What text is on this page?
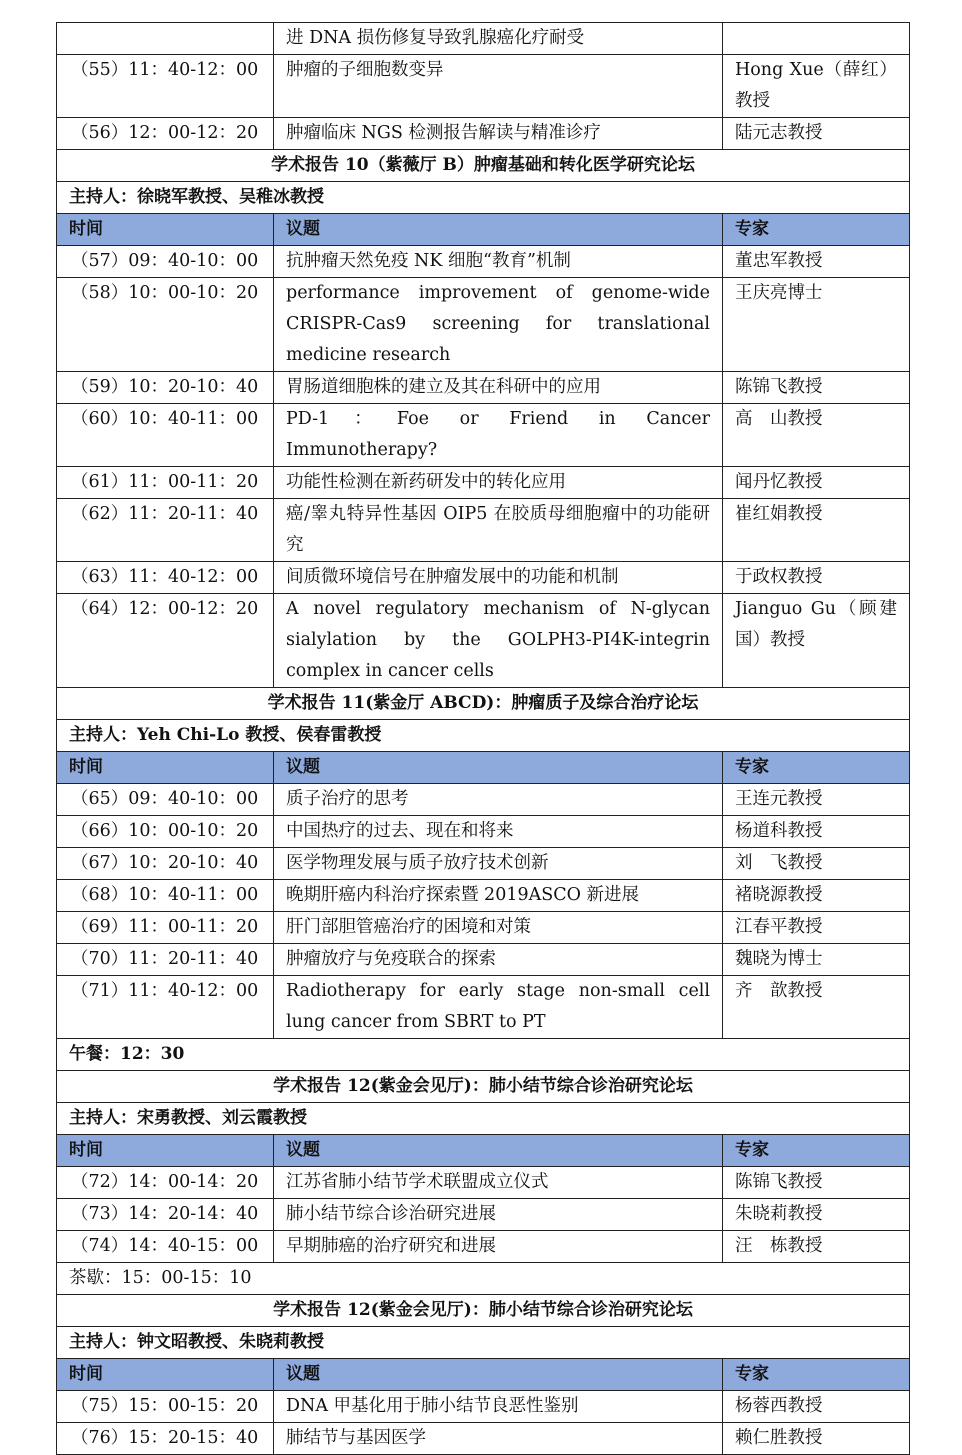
	进 DNA 损伤修复导致乳腺癌化疗耐受	
（55）11：40-12：00	肿瘤的子细胞数变异	Hong Xue（薛红）教授
（56）12：00-12：20	肿瘤临床 NGS 检测报告解读与精准诊疗	陆元志教授
学术报告 10（紫薇厅 B）肿瘤基础和转化医学研究论坛		
主持人：徐晓军教授、吴稚冰教授		
时间	议题	专家
（57）09：40-10：00	抗肿瘤天然免疫 NK 细胞“教育”机制	董忠军教授
（58）10：00-10：20	performance improvement of genome-wide CRISPR-Cas9 screening for translational medicine research	王庆亮博士
（59）10：20-10：40	胃肠道细胞株的建立及其在科研中的应用	陈锦飞教授
（60）10：40-11：00	PD-1：Foe or Friend in Cancer Immunotherapy?	高　山教授
（61）11：00-11：20	功能性检测在新药研发中的转化应用	闻丹忆教授
（62）11：20-11：40	癌/睾丸特异性基因 OIP5 在胶质母细胞瘤中的功能研究	崔红娟教授
（63）11：40-12：00	间质微环境信号在肿瘤发展中的功能和机制	于政权教授
（64）12：00-12：20	A novel regulatory mechanism of N-glycan sialylation by the GOLPH3-PI4K-integrin complex in cancer cells	Jianguo Gu（顾建国）教授
学术报告 11(紫金厅 ABCD)：肿瘤质子及综合治疗论坛		
主持人：Yeh Chi-Lo 教授、侯春雷教授		
时间	议题	专家
（65）09：40-10：00	质子治疗的思考	王连元教授
（66）10：00-10：20	中国热疗的过去、现在和将来	杨道科教授
（67）10：20-10：40	医学物理发展与质子放疗技术创新	刘　飞教授
（68）10：40-11：00	晚期肝癌内科治疗探索暨 2019ASCO 新进展	褚晓源教授
（69）11：00-11：20	肝门部胆管癌治疗的困境和对策	江春平教授
（70）11：20-11：40	肿瘤放疗与免疫联合的探索	魏晓为博士
（71）11：40-12：00	Radiotherapy for early stage non-small cell lung cancer from SBRT to PT	齐　歆教授
午餐：12：30		
学术报告 12(紫金会见厅)：肺小结节综合诊治研究论坛		
主持人：宋勇教授、刘云霞教授		
时间	议题	专家
（72）14：00-14：20	江苏省肺小结节学术联盟成立仪式	陈锦飞教授
（73）14：20-14：40	肺小结节综合诊治研究进展	朱晓莉教授
（74）14：40-15：00	早期肺癌的治疗研究和进展	汪　栋教授
茶歇：15：00-15：10		
学术报告 12(紫金会见厅)：肺小结节综合诊治研究论坛		
主持人：钟文昭教授、朱晓莉教授		
时间	议题	专家
（75）15：00-15：20	DNA 甲基化用于肺小结节良恶性鉴别	杨蓉西教授
（76）15：20-15：40	肺结节与基因医学	赖仁胜教授
